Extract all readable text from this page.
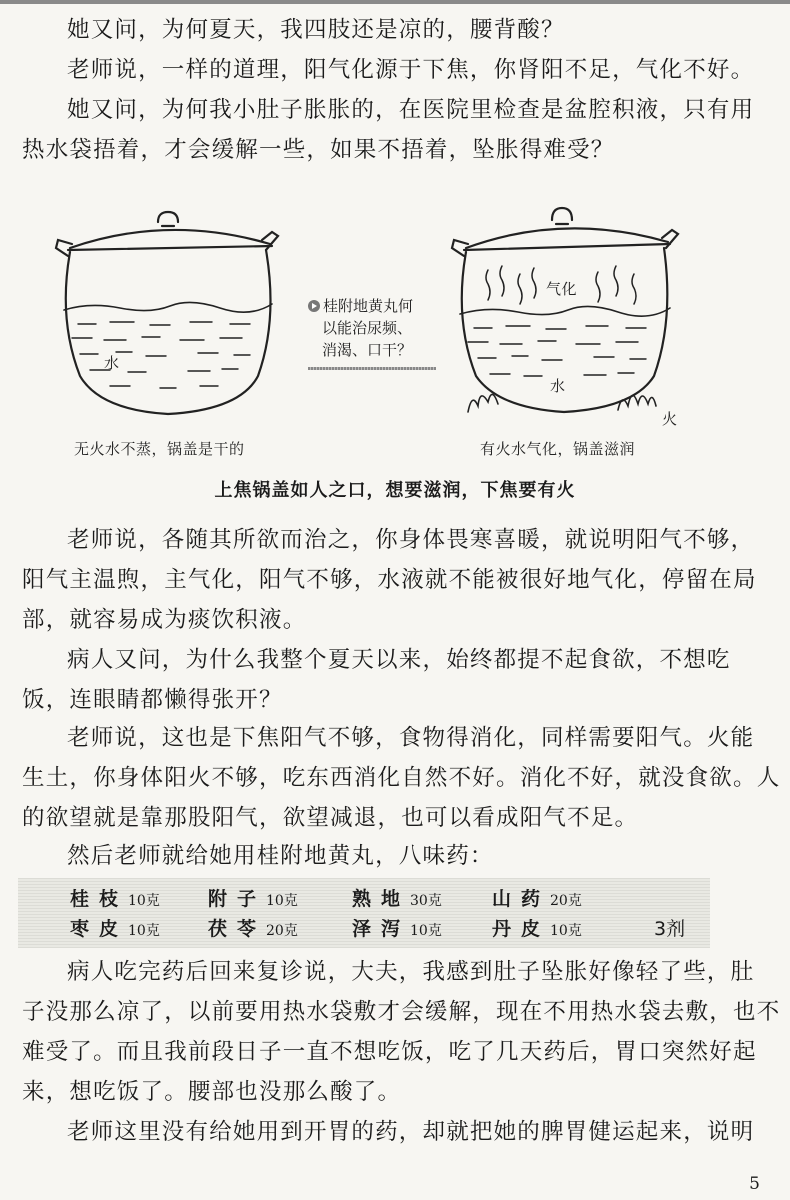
她又问，为何夏天，我四肢还是凉的，腰背酸？

老师说，一样的道理，阳气化源于下焦，你肾阳不足，气化不好。

她又问，为何我小肚子胀胀的，在医院里检查是盆腔积液，只有用

热水袋捂着，才会缓解一些，如果不捂着，坠胀得难受？

水
无火水不蒸，锅盖是干的
桂附地黄丸何
以能治尿频、
消渴、口干？
气化
水
火
有火水气化，锅盖滋润
上焦锅盖如人之口，想要滋润，下焦要有火

老师说，各随其所欲而治之，你身体畏寒喜暖，就说明阳气不够，

阳气主温煦，主气化，阳气不够，水液就不能被很好地气化，停留在局

部，就容易成为痰饮积液。

病人又问，为什么我整个夏天以来，始终都提不起食欲，不想吃

饭，连眼睛都懒得张开？

老师说，这也是下焦阳气不够，食物得消化，同样需要阳气。火能

生土，你身体阳火不够，吃东西消化自然不好。消化不好，就没食欲。人

的欲望就是靠那股阳气，欲望减退，也可以看成阳气不足。

然后老师就给她用桂附地黄丸，八味药：

桂枝10克	附子10克	熟地30克	山药20克
枣皮10克	茯苓20克	泽泻10克	丹皮10克	3剂

病人吃完药后回来复诊说，大夫，我感到肚子坠胀好像轻了些，肚

子没那么凉了，以前要用热水袋敷才会缓解，现在不用热水袋去敷，也不

难受了。而且我前段日子一直不想吃饭，吃了几天药后，胃口突然好起

来，想吃饭了。腰部也没那么酸了。

老师这里没有给她用到开胃的药，却就把她的脾胃健运起来，说明

5
